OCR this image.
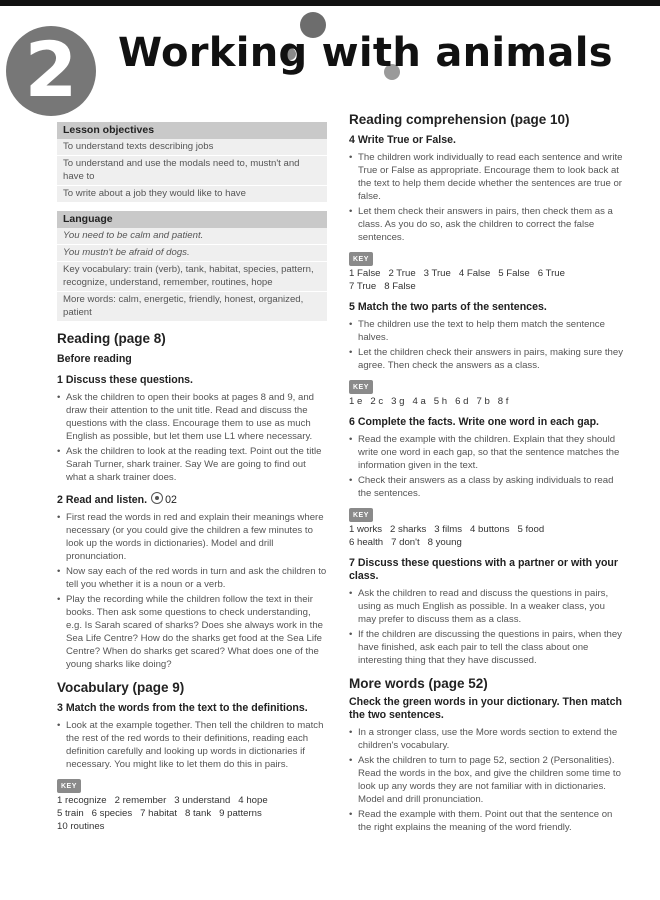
2	Working with animals
Lesson objectives
To understand texts describing jobs
To understand and use the modals need to, mustn't and have to
To write about a job they would like to have
Language
You need to be calm and patient.
You mustn't be afraid of dogs.
Key vocabulary: train (verb), tank, habitat, species, pattern, recognize, understand, remember, routines, hope
More words: calm, energetic, friendly, honest, organized, patient
Reading (page 8)
Before reading
1 Discuss these questions.
• Ask the children to open their books at pages 8 and 9, and draw their attention to the unit title. Read and discuss the questions with the class. Encourage them to use as much English as possible, but let them use L1 where necessary.
• Ask the children to look at the reading text. Point out the title Sarah Turner, shark trainer. Say We are going to find out what a shark trainer does.
2 Read and listen. 02
• First read the words in red and explain their meanings where necessary (or you could give the children a few minutes to look up the words in dictionaries). Model and drill pronunciation.
• Now say each of the red words in turn and ask the children to tell you whether it is a noun or a verb.
• Play the recording while the children follow the text in their books. Then ask some questions to check understanding, e.g. Is Sarah scared of sharks? Does she always work in the Sea Life Centre? How do the sharks get food at the Sea Life Centre? When do sharks get scared? What does one of the young sharks like doing?
Vocabulary (page 9)
3 Match the words from the text to the definitions.
• Look at the example together. Then tell the children to match the rest of the red words to their definitions, reading each definition carefully and looking up words in dictionaries if necessary. You might like to let them do this in pairs.
KEY
1 recognize   2 remember   3 understand   4 hope
5 train   6 species   7 habitat   8 tank   9 patterns
10 routines
Reading comprehension (page 10)
4 Write True or False.
• The children work individually to read each sentence and write True or False as appropriate. Encourage them to look back at the text to help them decide whether the sentences are true or false.
• Let them check their answers in pairs, then check them as a class. As you do so, ask the children to correct the false sentences.
KEY
1 False   2 True   3 True   4 False   5 False   6 True
7 True   8 False
5 Match the two parts of the sentences.
• The children use the text to help them match the sentence halves.
• Let the children check their answers in pairs, making sure they agree. Then check the answers as a class.
KEY
1 e   2 c   3 g   4 a   5 h   6 d   7 b   8 f
6 Complete the facts. Write one word in each gap.
• Read the example with the children. Explain that they should write one word in each gap, so that the sentence matches the information given in the text.
• Check their answers as a class by asking individuals to read the sentences.
KEY
1 works   2 sharks   3 films   4 buttons   5 food
6 health   7 don't   8 young
7 Discuss these questions with a partner or with your class.
• Ask the children to read and discuss the questions in pairs, using as much English as possible. In a weaker class, you may prefer to discuss them as a class.
• If the children are discussing the questions in pairs, when they have finished, ask each pair to tell the class about one interesting thing that they have discussed.
More words (page 52)
Check the green words in your dictionary. Then match the two sentences.
• In a stronger class, use the More words section to extend the children's vocabulary.
• Ask the children to turn to page 52, section 2 (Personalities). Read the words in the box, and give the children some time to look up any words they are not familiar with in dictionaries. Model and drill pronunciation.
• Read the example with them. Point out that the sentence on the right explains the meaning of the word friendly.
